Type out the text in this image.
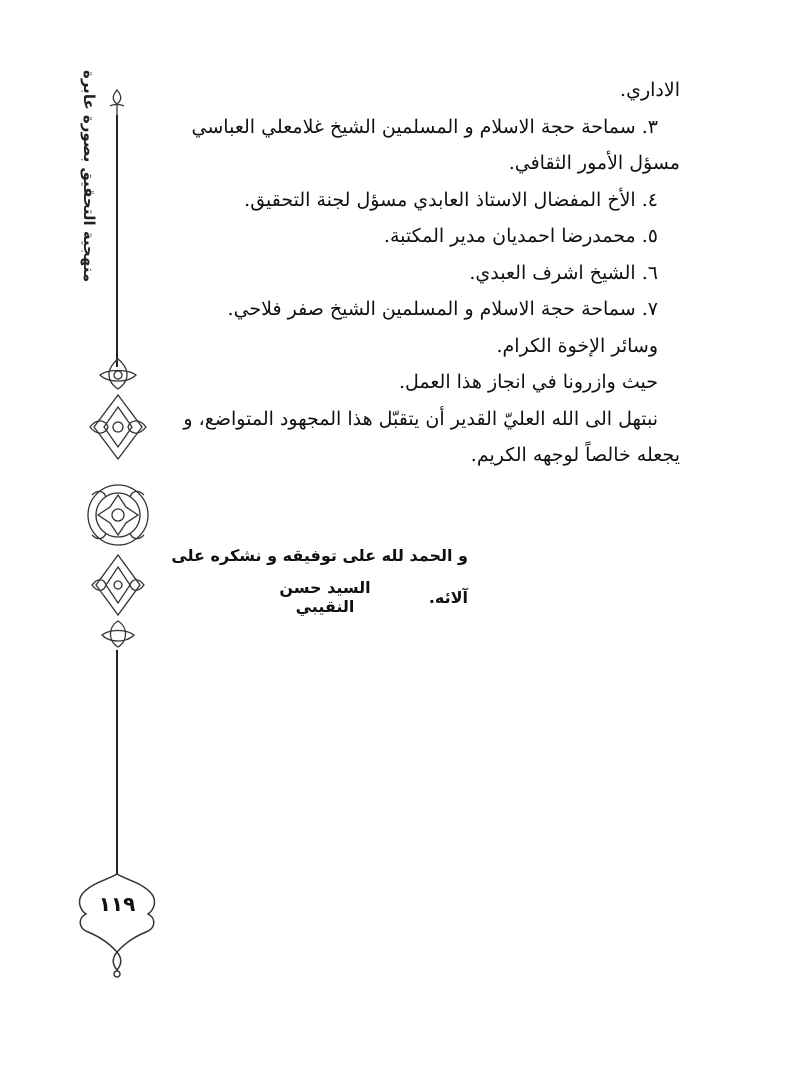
منهجية التحقيق بصورة عابرة
١١٩
الاداري.
٣. سماحة حجة الاسلام و المسلمين الشيخ غلامعلي العباسي
مسؤل الأمور الثقافي.
٤. الأخ المفضال الاستاذ العابدي مسؤل لجنة التحقيق.
٥. محمدرضا احمديان مدير المكتبة.
٦. الشيخ اشرف العبدي.
٧. سماحة حجة الاسلام و المسلمين الشيخ صفر فلاحي.
وسائر الإخوة الكرام.
حيث وازرونا في انجاز هذا العمل.
نبتهل الى الله العليّ القدير أن يتقبّل هذا المجهود المتواضع، و
يجعله خالصاً لوجهه الكريم.
و الحمد لله على توفيقه و نشكره على آلائه.
السيد حسن النقيبي
